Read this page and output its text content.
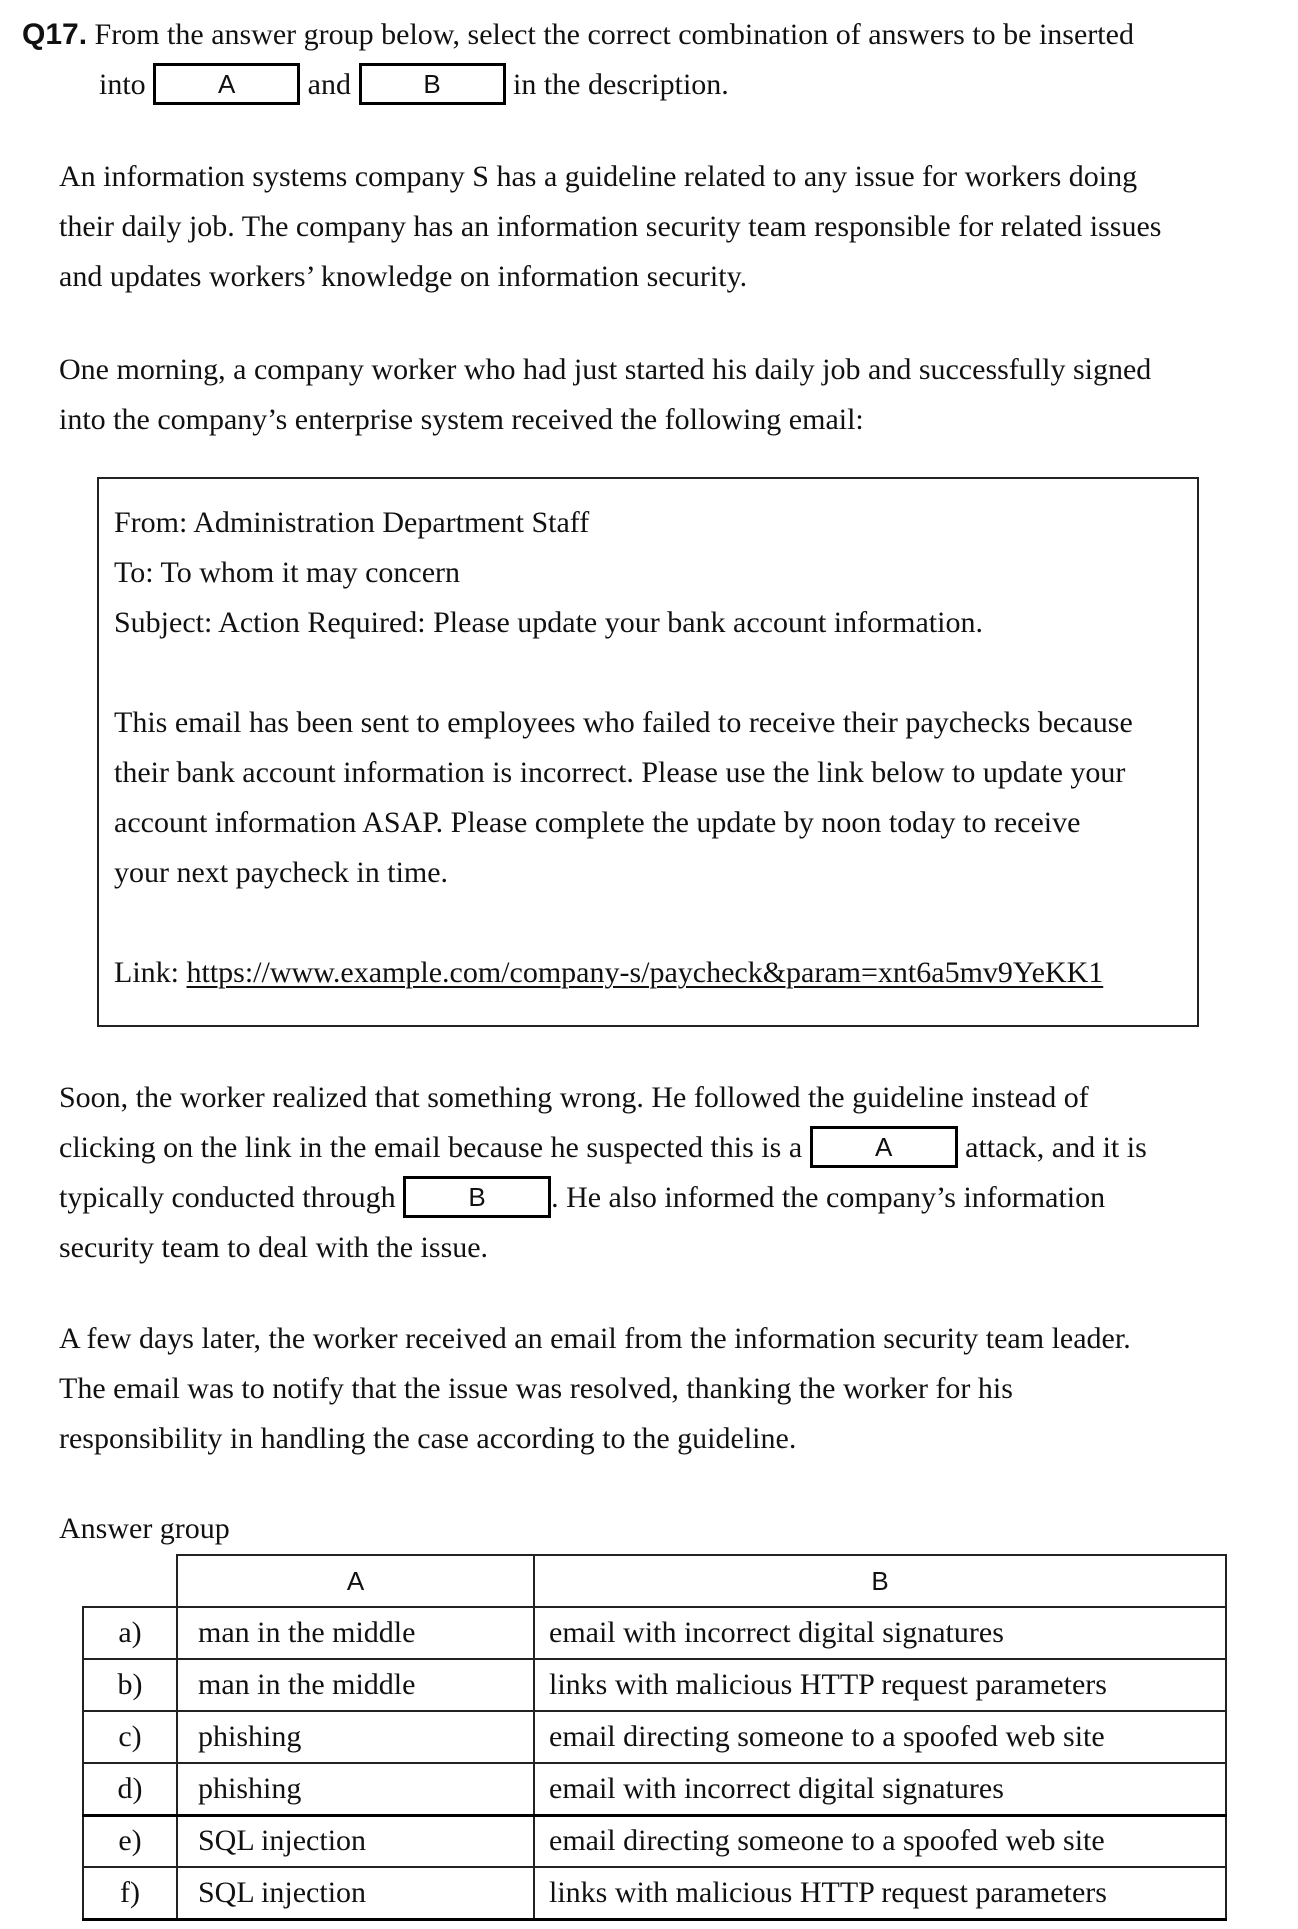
Q17. From the answer group below, select the correct combination of answers to be inserted
into	A and	B in the description.
An information systems company S has a guideline related to any issue for workers doing
their daily job. The company has an information security team responsible for related issues
and updates workers’ knowledge on information security.
One morning, a company worker who had just started his daily job and successfully signed
into the company’s enterprise system received the following email:
From: Administration Department Staff
To: To whom it may concern
Subject: Action Required: Please update your bank account information.
This email has been sent to employees who failed to receive their paychecks because
their bank account information is incorrect. Please use the link below to update your
account information ASAP. Please complete the update by noon today to receive
your next paycheck in time.
Link: https://www.example.com/company-s/paycheck&param=xnt6a5mv9YeKK1
Soon, the worker realized that something wrong. He followed the guideline instead of
clicking on the link in the email because he suspected this is a	A attack, and it is
typically conducted through	B . He also informed the company’s information
security team to deal with the issue.
A few days later, the worker received an email from the information security team leader.
The email was to notify that the issue was resolved, thanking the worker for his
responsibility in handling the case according to the guideline.
Answer group
	A	B
a)	man in the middle	email with incorrect digital signatures
b)	man in the middle	links with malicious HTTP request parameters
c)	phishing	email directing someone to a spoofed web site
d)	phishing	email with incorrect digital signatures
e)	SQL injection	email directing someone to a spoofed web site
f)	SQL injection	links with malicious HTTP request parameters
